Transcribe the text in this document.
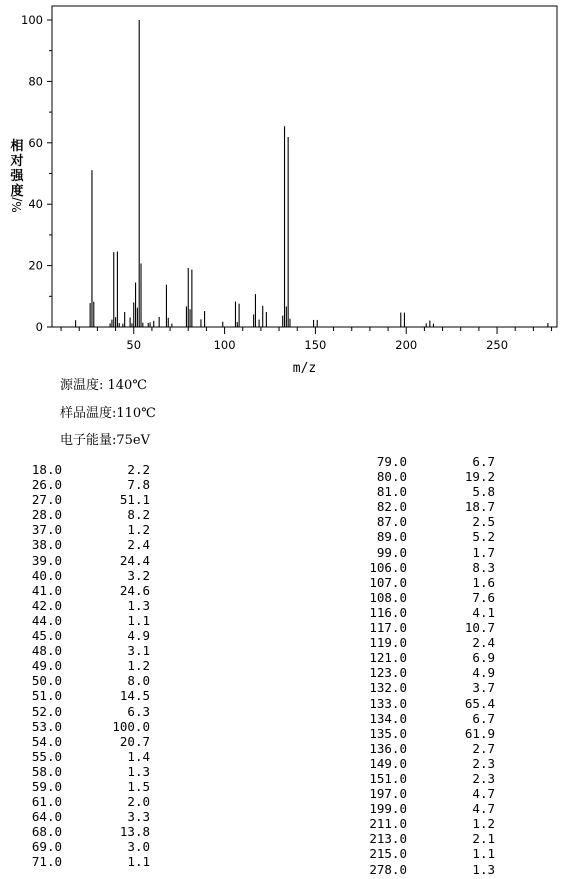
0
20
40
60
80
100
50	100	150	200	250
m/z
相
对
强
度
%/
源温度: 140℃
样品温度:110℃
电子能量:75eV
18.0	2.2
26.0	7.8
27.0	51.1
28.0	8.2
37.0	1.2
38.0	2.4
39.0	24.4
40.0	3.2
41.0	24.6
42.0	1.3
44.0	1.1
45.0	4.9
48.0	3.1
49.0	1.2
50.0	8.0
51.0	14.5
52.0	6.3
53.0	100.0
54.0	20.7
55.0	1.4
58.0	1.3
59.0	1.5
61.0	2.0
64.0	3.3
68.0	13.8
69.0	3.0
71.0	1.1
79.0	6.7
80.0	19.2
81.0	5.8
82.0	18.7
87.0	2.5
89.0	5.2
99.0	1.7
106.0	8.3
107.0	1.6
108.0	7.6
116.0	4.1
117.0	10.7
119.0	2.4
121.0	6.9
123.0	4.9
132.0	3.7
133.0	65.4
134.0	6.7
135.0	61.9
136.0	2.7
149.0	2.3
151.0	2.3
197.0	4.7
199.0	4.7
211.0	1.2
213.0	2.1
215.0	1.1
278.0	1.3
